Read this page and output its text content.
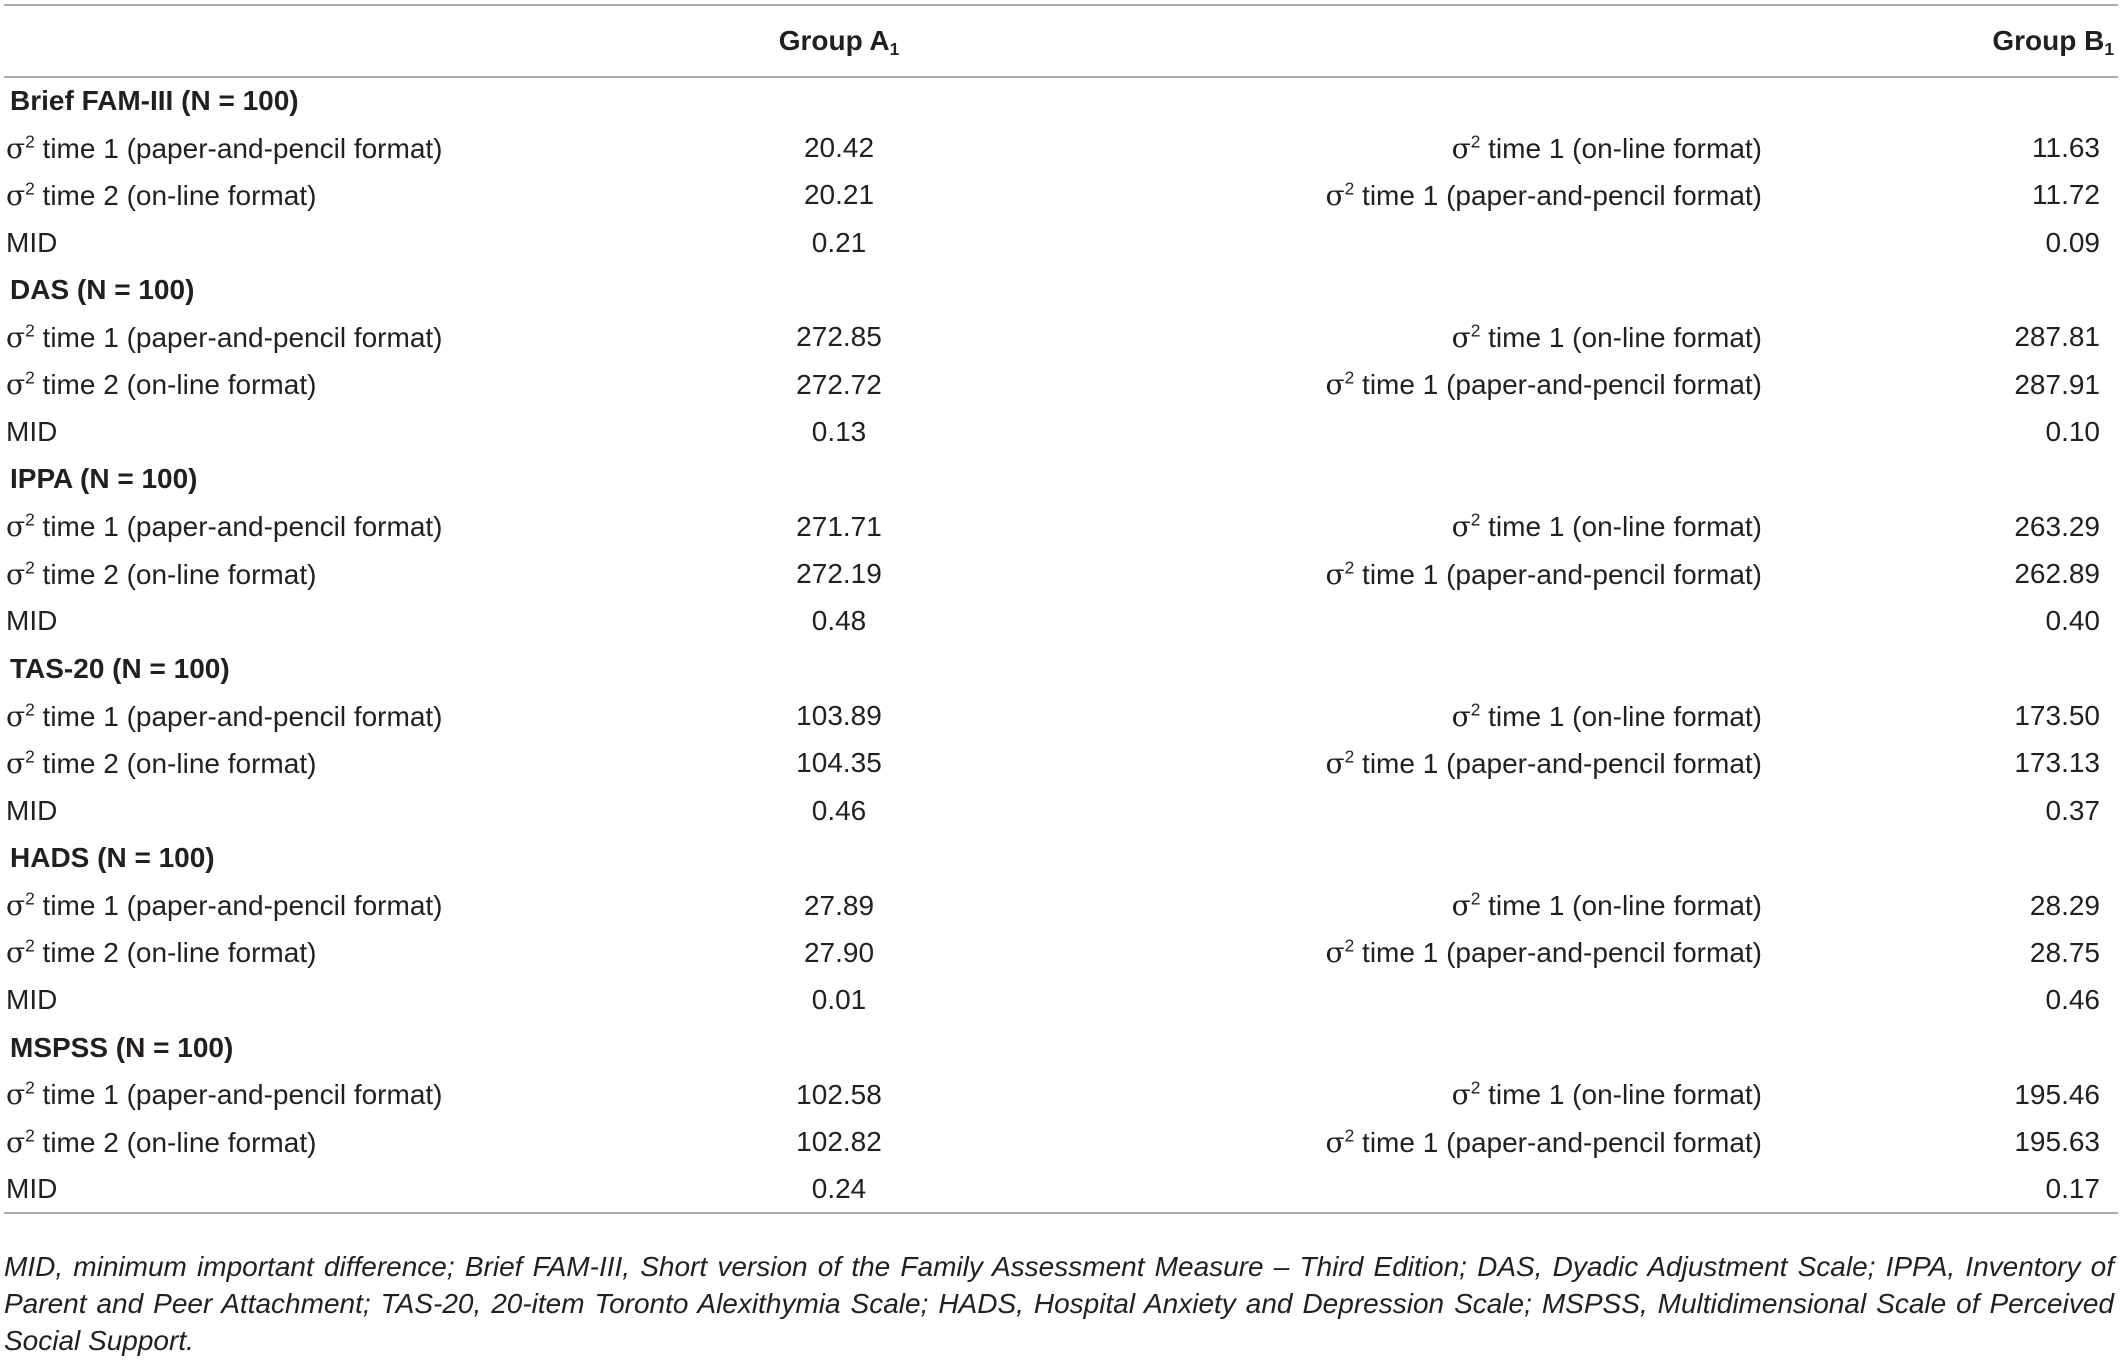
	Group $A_1$		Group $B_1$
Brief FAM-III (N = 100)			
$\sigma^2$ time 1 (paper-and-pencil format)	20.42	$\sigma^2$ time 1 (on-line format)	11.63
$\sigma^2$ time 2 (on-line format)	20.21	$\sigma^2$ time 1 (paper-and-pencil format)	11.72
MID	0.21		0.09
DAS (N = 100)			
$\sigma^2$ time 1 (paper-and-pencil format)	272.85	$\sigma^2$ time 1 (on-line format)	287.81
$\sigma^2$ time 2 (on-line format)	272.72	$\sigma^2$ time 1 (paper-and-pencil format)	287.91
MID	0.13		0.10
IPPA (N = 100)			
$\sigma^2$ time 1 (paper-and-pencil format)	271.71	$\sigma^2$ time 1 (on-line format)	263.29
$\sigma^2$ time 2 (on-line format)	272.19	$\sigma^2$ time 1 (paper-and-pencil format)	262.89
MID	0.48		0.40
TAS-20 (N = 100)			
$\sigma^2$ time 1 (paper-and-pencil format)	103.89	$\sigma^2$ time 1 (on-line format)	173.50
$\sigma^2$ time 2 (on-line format)	104.35	$\sigma^2$ time 1 (paper-and-pencil format)	173.13
MID	0.46		0.37
HADS (N = 100)			
$\sigma^2$ time 1 (paper-and-pencil format)	27.89	$\sigma^2$ time 1 (on-line format)	28.29
$\sigma^2$ time 2 (on-line format)	27.90	$\sigma^2$ time 1 (paper-and-pencil format)	28.75
MID	0.01		0.46
MSPSS (N = 100)			
$\sigma^2$ time 1 (paper-and-pencil format)	102.58	$\sigma^2$ time 1 (on-line format)	195.46
$\sigma^2$ time 2 (on-line format)	102.82	$\sigma^2$ time 1 (paper-and-pencil format)	195.63
MID	0.24		0.17

MID, minimum important difference; Brief FAM-III, Short version of the Family Assessment Measure – Third Edition; DAS, Dyadic Adjustment Scale; IPPA, Inventory of Parent and Peer Attachment; TAS-20, 20-item Toronto Alexithymia Scale; HADS, Hospital Anxiety and Depression Scale; MSPSS, Multidimensional Scale of Perceived Social Support.
